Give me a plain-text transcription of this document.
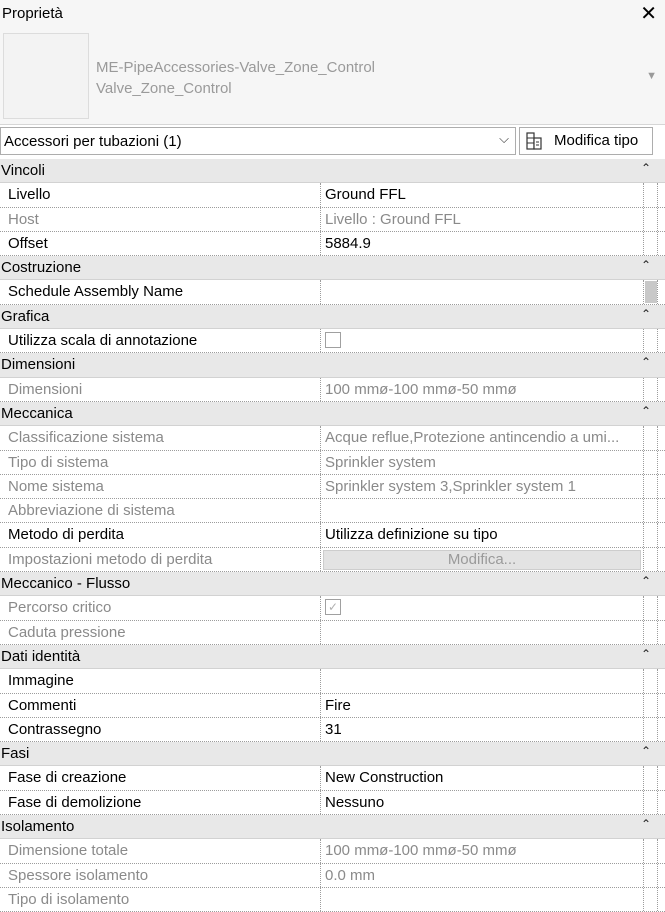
Proprietà	✕
ME-PipeAccessories-Valve_Zone_Control
Valve_Zone_Control
▼
Accessori per tubazioni (1)	⌵	Modifica tipo
Vincoli	⌃
Livello	Ground FFL
Host	Livello : Ground FFL
Offset	5884.9
Costruzione	⌃
Schedule Assembly Name
Grafica	⌃
Utilizza scala di annotazione
Dimensioni	⌃
Dimensioni	100 mmø-100 mmø-50 mmø
Meccanica	⌃
Classificazione sistema	Acque reflue,Protezione antincendio a umi...
Tipo di sistema	Sprinkler system
Nome sistema	Sprinkler system 3,Sprinkler system 1
Abbreviazione di sistema
Metodo di perdita	Utilizza definizione su tipo
Impostazioni metodo di perdita	Modifica...
Meccanico - Flusso	⌃
Percorso critico	✓
Caduta pressione
Dati identità	⌃
Immagine
Commenti	Fire
Contrassegno	31
Fasi	⌃
Fase di creazione	New Construction
Fase di demolizione	Nessuno
Isolamento	⌃
Dimensione totale	100 mmø-100 mmø-50 mmø
Spessore isolamento	0.0 mm
Tipo di isolamento
